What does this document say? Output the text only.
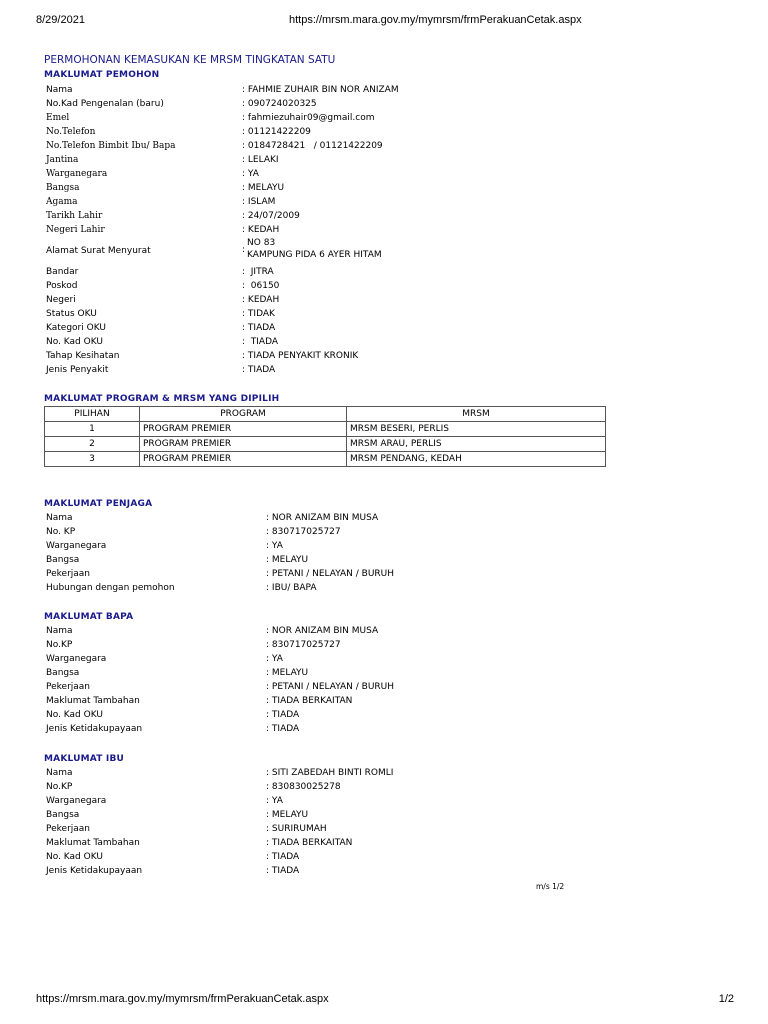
8/29/2021	https://mrsm.mara.gov.my/mymrsm/frmPerakuanCetak.aspx
PERMOHONAN KEMASUKAN KE MRSM TINGKATAN SATU
MAKLUMAT PEMOHON
Nama	: FAHMIE ZUHAIR BIN NOR ANIZAM
No.Kad Pengenalan (baru)	: 090724020325
Emel	: fahmiezuhair09@gmail.com
No.Telefon	: 01121422209
No.Telefon Bimbit Ibu/ Bapa	: 0184728421   / 01121422209
Jantina	: LELAKI
Warganegara	: YA
Bangsa	: MELAYU
Agama	: ISLAM
Tarikh Lahir	: 24/07/2009
Negeri Lahir	: KEDAH
Alamat Surat Menyurat	:NO 83
KAMPUNG PIDA 6 AYER HITAM
Bandar	: JITRA
Poskod	: 06150
Negeri	: KEDAH
Status OKU	: TIDAK
Kategori OKU	: TIADA
No. Kad OKU	: TIADA
Tahap Kesihatan	: TIADA PENYAKIT KRONIK
Jenis Penyakit	: TIADA
MAKLUMAT PROGRAM & MRSM YANG DIPILIH
PILIHAN	PROGRAM	MRSM
1	PROGRAM PREMIER	MRSM BESERI, PERLIS
2	PROGRAM PREMIER	MRSM ARAU, PERLIS
3	PROGRAM PREMIER	MRSM PENDANG, KEDAH
MAKLUMAT PENJAGA
Nama	: NOR ANIZAM BIN MUSA
No. KP	: 830717025727
Warganegara	: YA
Bangsa	: MELAYU
Pekerjaan	: PETANI / NELAYAN / BURUH
Hubungan dengan pemohon	: IBU/ BAPA
MAKLUMAT BAPA
Nama	: NOR ANIZAM BIN MUSA
No.KP	: 830717025727
Warganegara	: YA
Bangsa	: MELAYU
Pekerjaan	: PETANI / NELAYAN / BURUH
Maklumat Tambahan	: TIADA BERKAITAN
No. Kad OKU	: TIADA
Jenis Ketidakupayaan	: TIADA
MAKLUMAT IBU
Nama	: SITI ZABEDAH BINTI ROMLI
No.KP	: 830830025278
Warganegara	: YA
Bangsa	: MELAYU
Pekerjaan	: SURIRUMAH
Maklumat Tambahan	: TIADA BERKAITAN
No. Kad OKU	: TIADA
Jenis Ketidakupayaan	: TIADA
m/s 1/2
https://mrsm.mara.gov.my/mymrsm/frmPerakuanCetak.aspx	1/2
